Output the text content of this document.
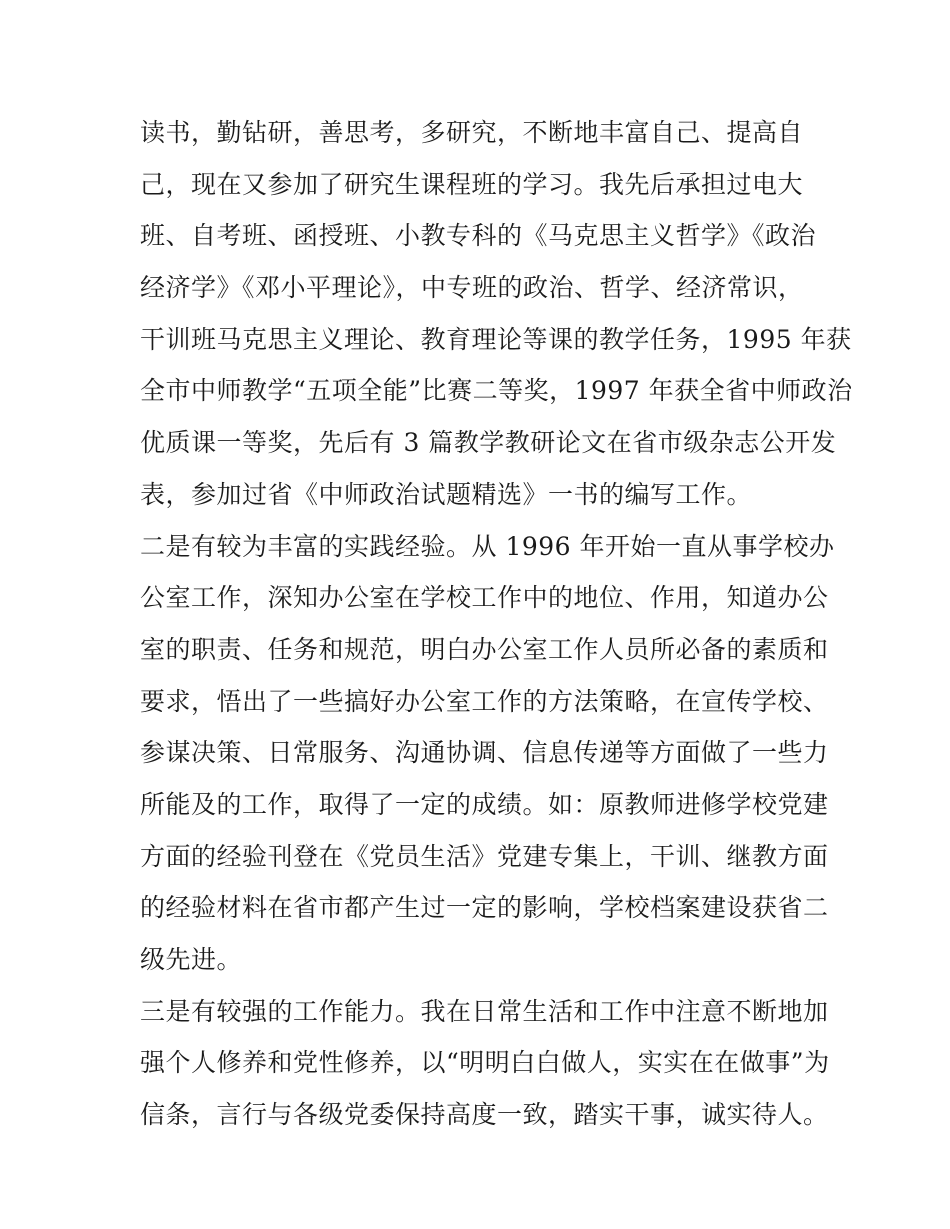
读书，勤钻研，善思考，多研究，不断地丰富自己、提高自
己，现在又参加了研究生课程班的学习。我先后承担过电大
班、自考班、函授班、小教专科的《马克思主义哲学》《政治
经济学》《邓小平理论》，中专班的政治、哲学、经济常识，
干训班马克思主义理论、教育理论等课的教学任务，1995 年获
全市中师教学“五项全能”比赛二等奖，1997 年获全省中师政治
优质课一等奖，先后有 3 篇教学教研论文在省市级杂志公开发
表，参加过省《中师政治试题精选》一书的编写工作。
二是有较为丰富的实践经验。从 1996 年开始一直从事学校办
公室工作，深知办公室在学校工作中的地位、作用，知道办公
室的职责、任务和规范，明白办公室工作人员所必备的素质和
要求，悟出了一些搞好办公室工作的方法策略，在宣传学校、
参谋决策、日常服务、沟通协调、信息传递等方面做了一些力
所能及的工作，取得了一定的成绩。如：原教师进修学校党建
方面的经验刊登在《党员生活》党建专集上，干训、继教方面
的经验材料在省市都产生过一定的影响，学校档案建设获省二
级先进。
三是有较强的工作能力。我在日常生活和工作中注意不断地加
强个人修养和党性修养，以“明明白白做人，实实在在做事”为
信条，言行与各级党委保持高度一致，踏实干事，诚实待人。
